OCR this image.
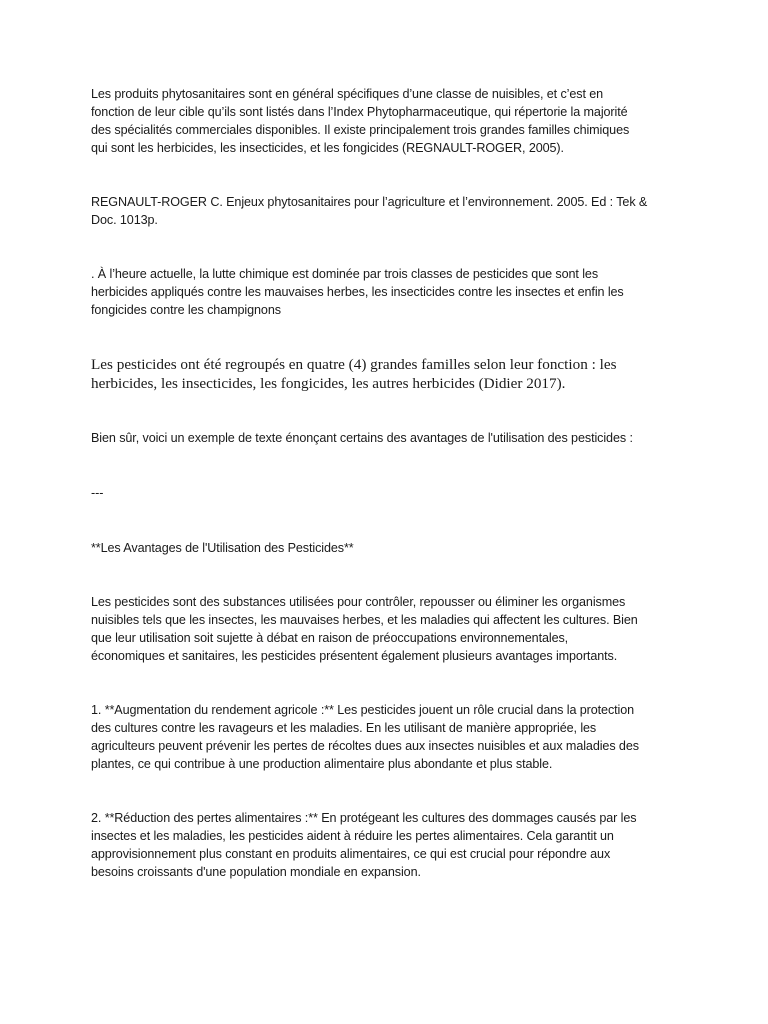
Les produits phytosanitaires sont en général spécifiques d’une classe de nuisibles, et c’est en
fonction de leur cible qu’ils sont listés dans l’Index Phytopharmaceutique, qui répertorie la majorité
des spécialités commerciales disponibles. Il existe principalement trois grandes familles chimiques
qui sont les herbicides, les insecticides, et les fongicides (REGNAULT-ROGER, 2005).

REGNAULT-ROGER C. Enjeux phytosanitaires pour l’agriculture et l’environnement. 2005. Ed : Tek &
Doc. 1013p.

. À l’heure actuelle, la lutte chimique est dominée par trois classes de pesticides que sont les
herbicides appliqués contre les mauvaises herbes, les insecticides contre les insectes et enfin les
fongicides contre les champignons

Les pesticides ont été regroupés en quatre (4) grandes familles selon leur fonction : les
herbicides, les insecticides, les fongicides, les autres herbicides (Didier 2017).

Bien sûr, voici un exemple de texte énonçant certains des avantages de l'utilisation des pesticides :

---

**Les Avantages de l'Utilisation des Pesticides**

Les pesticides sont des substances utilisées pour contrôler, repousser ou éliminer les organismes
nuisibles tels que les insectes, les mauvaises herbes, et les maladies qui affectent les cultures. Bien
que leur utilisation soit sujette à débat en raison de préoccupations environnementales,
économiques et sanitaires, les pesticides présentent également plusieurs avantages importants.

1. **Augmentation du rendement agricole :** Les pesticides jouent un rôle crucial dans la protection
des cultures contre les ravageurs et les maladies. En les utilisant de manière appropriée, les
agriculteurs peuvent prévenir les pertes de récoltes dues aux insectes nuisibles et aux maladies des
plantes, ce qui contribue à une production alimentaire plus abondante et plus stable.

2. **Réduction des pertes alimentaires :** En protégeant les cultures des dommages causés par les
insectes et les maladies, les pesticides aident à réduire les pertes alimentaires. Cela garantit un
approvisionnement plus constant en produits alimentaires, ce qui est crucial pour répondre aux
besoins croissants d'une population mondiale en expansion.
